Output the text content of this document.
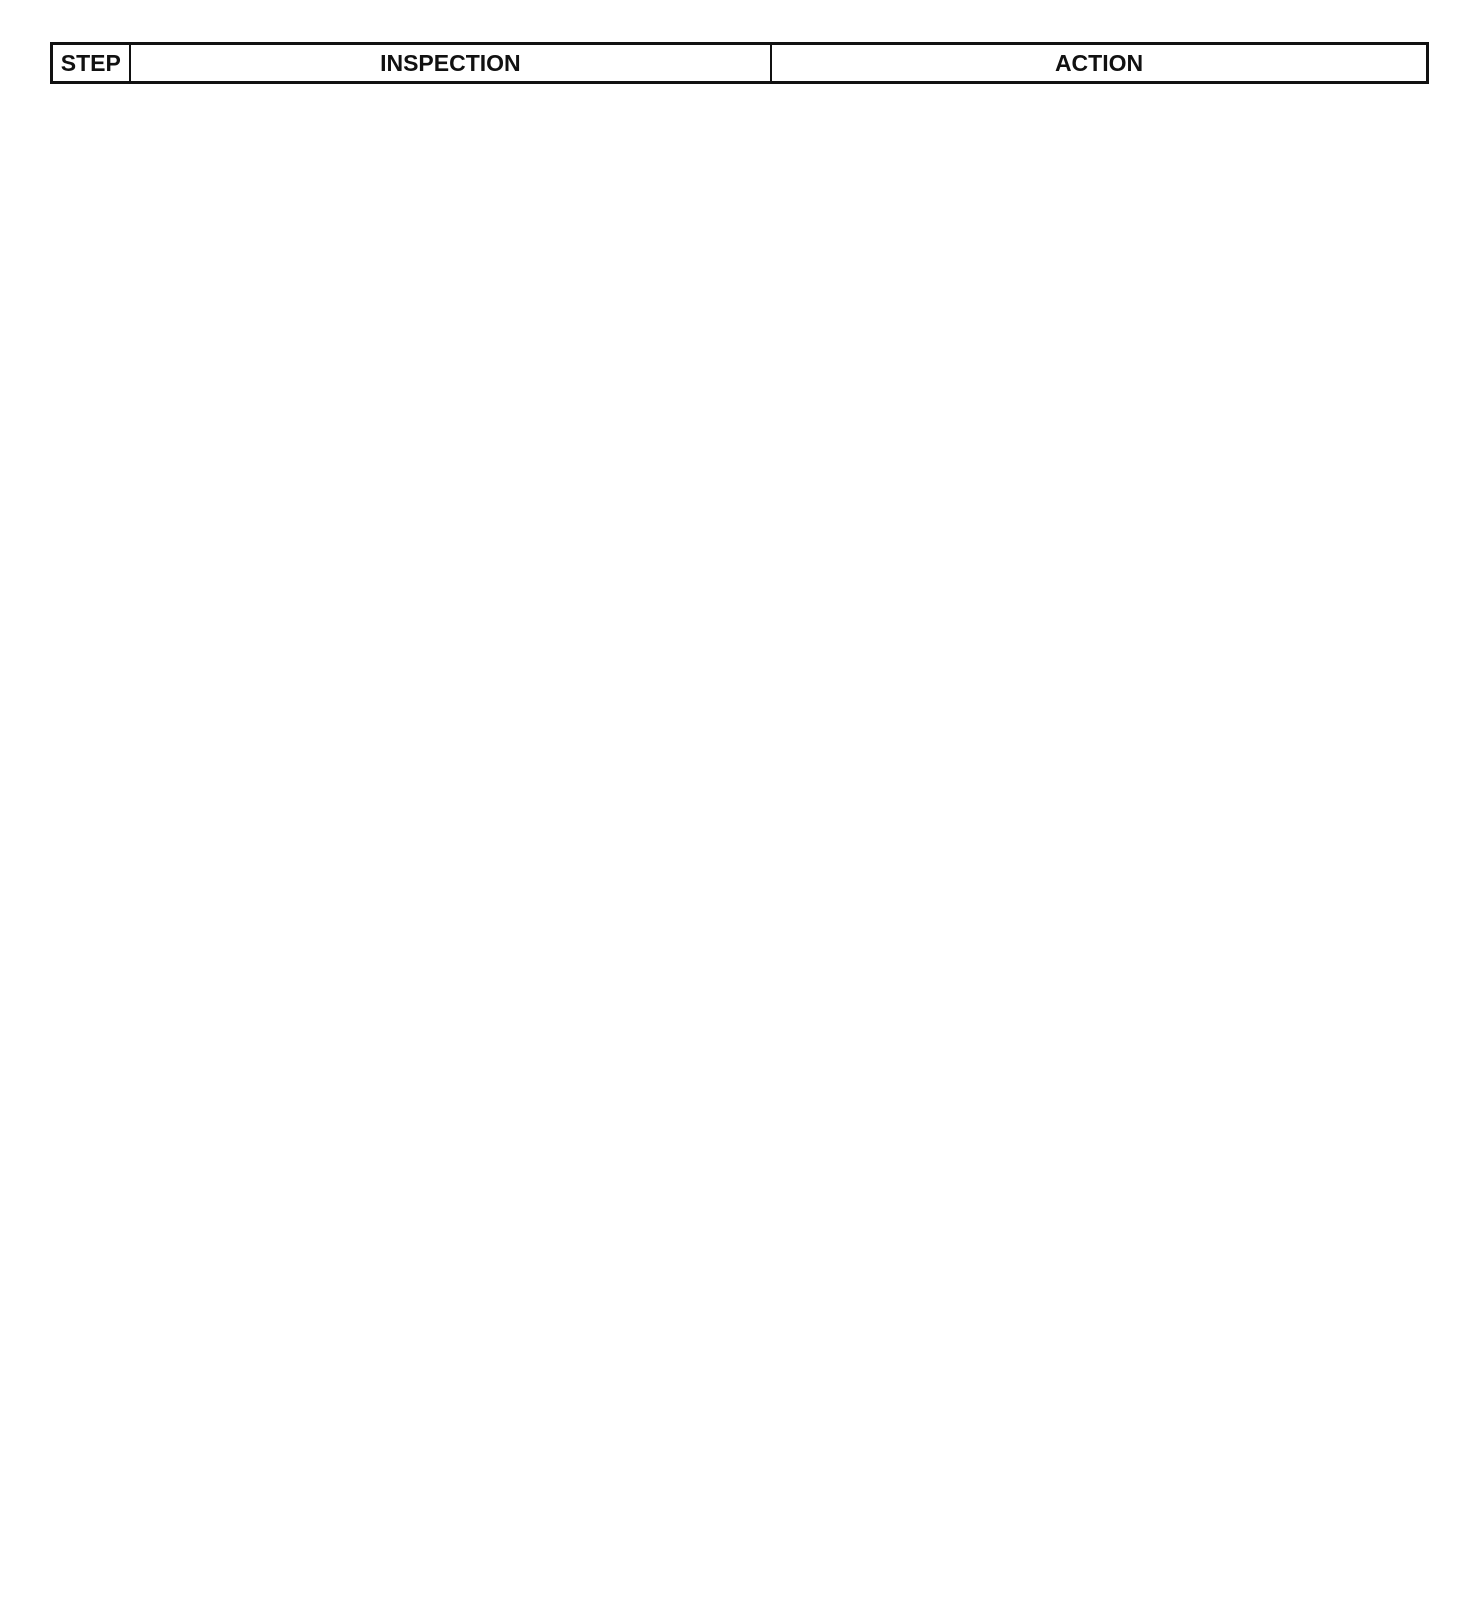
STEP	INSPECTION	ACTION
